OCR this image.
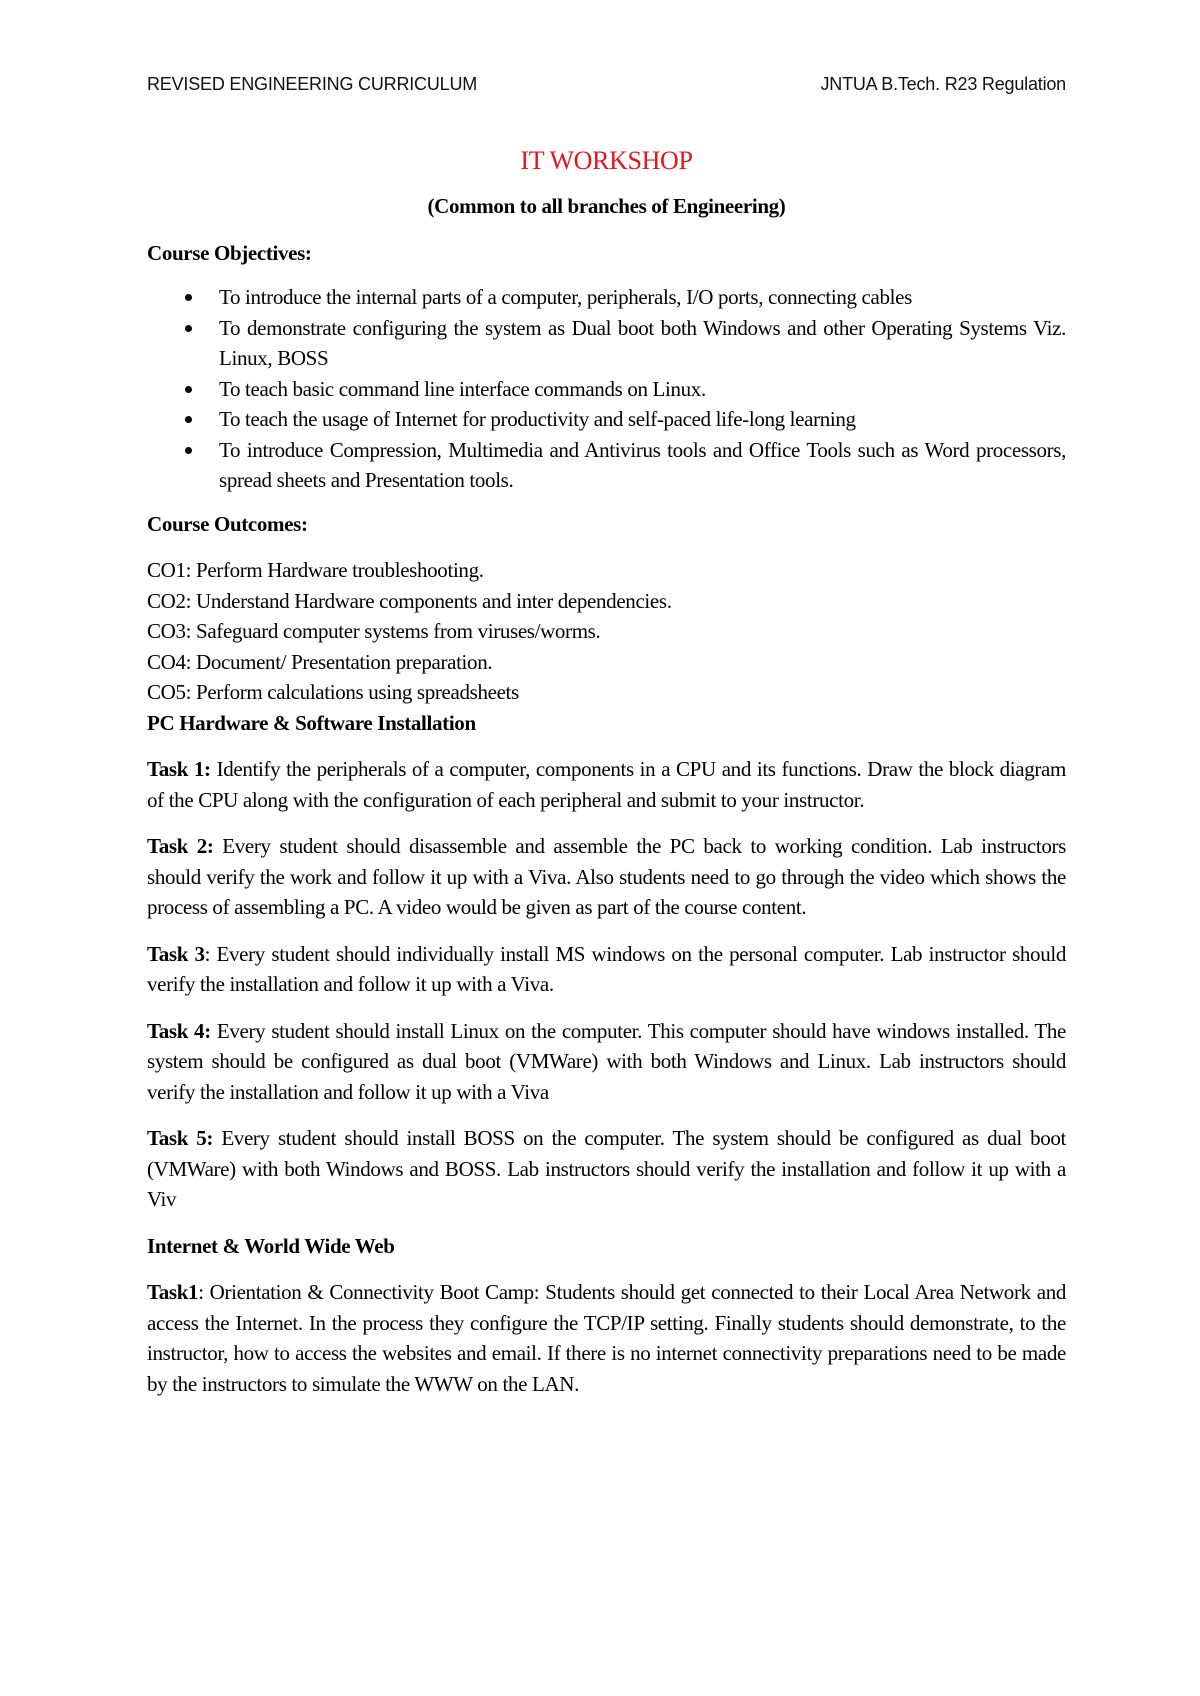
REVISED ENGINEERING CURRICULUM	JNTUA B.Tech. R23 Regulation
IT WORKSHOP
(Common to all branches of Engineering)
Course Objectives:
To introduce the internal parts of a computer, peripherals, I/O ports, connecting cables
To demonstrate configuring the system as Dual boot both Windows and other Operating Systems Viz. Linux, BOSS
To teach basic command line interface commands on Linux.
To teach the usage of Internet for productivity and self-paced life-long learning
To introduce Compression, Multimedia and Antivirus tools and Office Tools such as Word processors, spread sheets and Presentation tools.
Course Outcomes:
CO1: Perform Hardware troubleshooting.
CO2: Understand Hardware components and inter dependencies.
CO3: Safeguard computer systems from viruses/worms.
CO4: Document/ Presentation preparation.
CO5: Perform calculations using spreadsheets
PC Hardware & Software Installation

Task 1: Identify the peripherals of a computer, components in a CPU and its functions. Draw the block diagram of the CPU along with the configuration of each peripheral and submit to your instructor.

Task 2: Every student should disassemble and assemble the PC back to working condition. Lab instructors should verify the work and follow it up with a Viva. Also students need to go through the video which shows the process of assembling a PC. A video would be given as part of the course content.

Task 3: Every student should individually install MS windows on the personal computer. Lab instructor should verify the installation and follow it up with a Viva.

Task 4: Every student should install Linux on the computer. This computer should have windows installed. The system should be configured as dual boot (VMWare) with both Windows and Linux. Lab instructors should verify the installation and follow it up with a Viva

Task 5: Every student should install BOSS on the computer. The system should be configured as dual boot (VMWare) with both Windows and BOSS. Lab instructors should verify the installation and follow it up with a Viv

Internet & World Wide Web

Task1: Orientation & Connectivity Boot Camp: Students should get connected to their Local Area Network and access the Internet. In the process they configure the TCP/IP setting. Finally students should demonstrate, to the instructor, how to access the websites and email. If there is no internet connectivity preparations need to be made by the instructors to simulate the WWW on the LAN.
